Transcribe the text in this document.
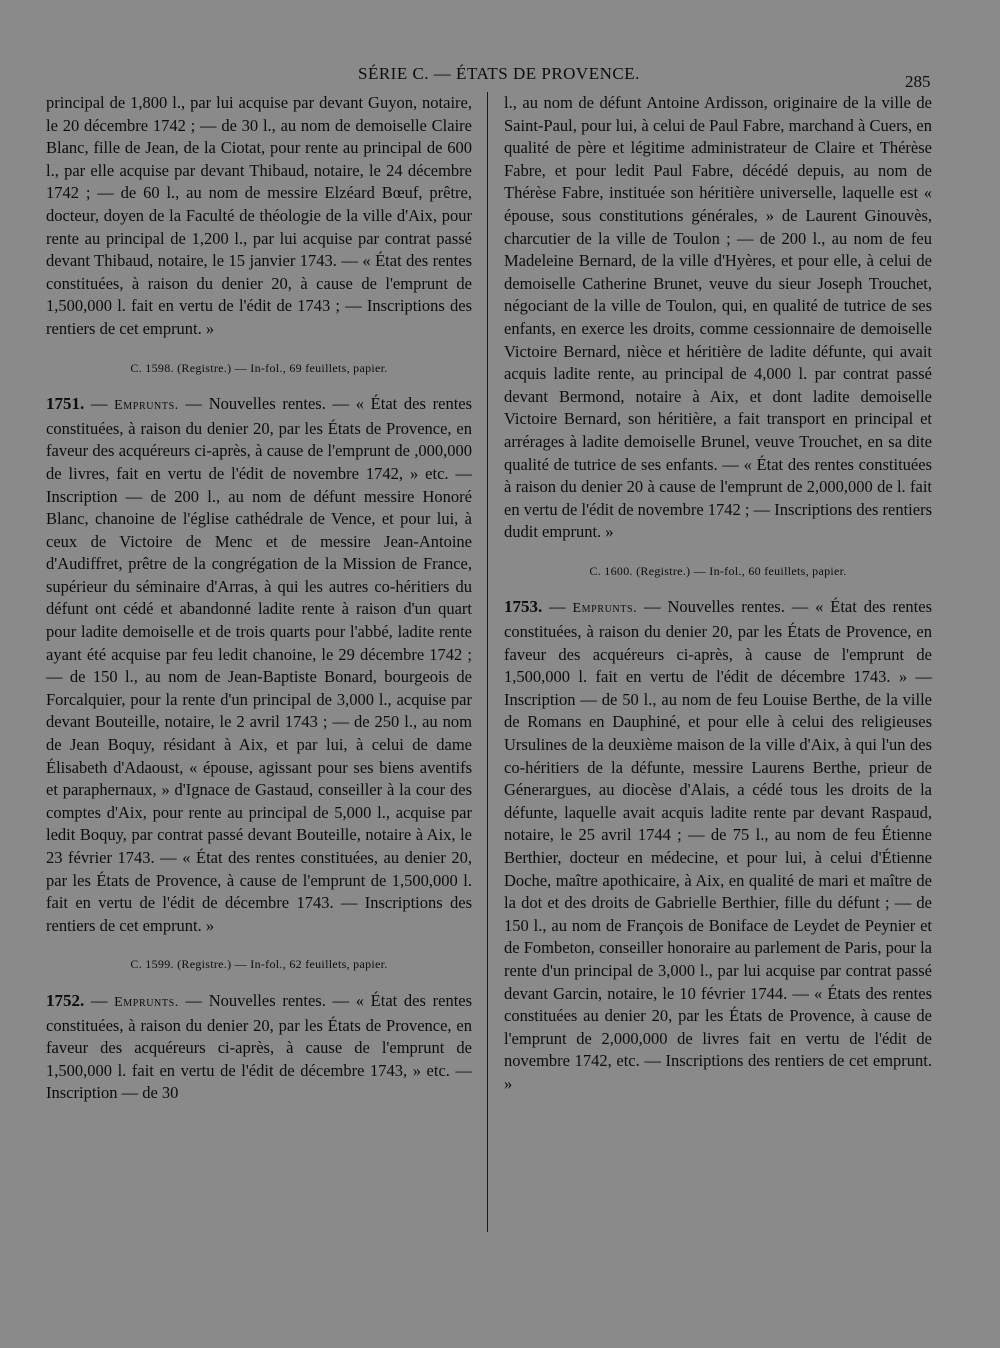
SÉRIE C. — ÉTATS DE PROVENCE.	285

principal de 1,800 l., par lui acquise par devant Guyon, notaire, le 20 décembre 1742 ; — de 30 l., au nom de demoiselle Claire Blanc, fille de Jean, de la Ciotat, pour rente au principal de 600 l., par elle acquise par devant Thibaud, notaire, le 24 décembre 1742 ; — de 60 l., au nom de messire Elzéard Bœuf, prêtre, docteur, doyen de la Faculté de théologie de la ville d'Aix, pour rente au principal de 1,200 l., par lui acquise par contrat passé devant Thibaud, notaire, le 15 janvier 1743. — « État des rentes constituées, à raison du denier 20, à cause de l'emprunt de 1,500,000 l. fait en vertu de l'édit de 1743 ; — Inscriptions des rentiers de cet emprunt. »

C. 1598. (Registre.) — In-fol., 69 feuillets, papier.

1751. — Emprunts. — Nouvelles rentes. — « État des rentes constituées, à raison du denier 20, par les États de Provence, en faveur des acquéreurs ci-après, à cause de l'emprunt de ,000,000 de livres, fait en vertu de l'édit de novembre 1742, » etc. — Inscription — de 200 l., au nom de défunt messire Honoré Blanc, chanoine de l'église cathédrale de Vence, et pour lui, à ceux de Victoire de Menc et de messire Jean-Antoine d'Audiffret, prêtre de la congrégation de la Mission de France, supérieur du séminaire d'Arras, à qui les autres co-héritiers du défunt ont cédé et abandonné ladite rente à raison d'un quart pour ladite demoiselle et de trois quarts pour l'abbé, ladite rente ayant été acquise par feu ledit chanoine, le 29 décembre 1742 ; — de 150 l., au nom de Jean-Baptiste Bonard, bourgeois de Forcalquier, pour la rente d'un principal de 3,000 l., acquise par devant Bouteille, notaire, le 2 avril 1743 ; — de 250 l., au nom de Jean Boquy, résidant à Aix, et par lui, à celui de dame Élisabeth d'Adaoust, « épouse, agissant pour ses biens aventifs et paraphernaux, » d'Ignace de Gastaud, conseiller à la cour des comptes d'Aix, pour rente au principal de 5,000 l., acquise par ledit Boquy, par contrat passé devant Bouteille, notaire à Aix, le 23 février 1743. — « État des rentes constituées, au denier 20, par les États de Provence, à cause de l'emprunt de 1,500,000 l. fait en vertu de l'édit de décembre 1743. — Inscriptions des rentiers de cet emprunt. »

C. 1599. (Registre.) — In-fol., 62 feuillets, papier.

1752. — Emprunts. — Nouvelles rentes. — « État des rentes constituées, à raison du denier 20, par les États de Provence, en faveur des acquéreurs ci-après, à cause de l'emprunt de 1,500,000 l. fait en vertu de l'édit de décembre 1743, » etc. — Inscription — de 30

l., au nom de défunt Antoine Ardisson, originaire de la ville de Saint-Paul, pour lui, à celui de Paul Fabre, marchand à Cuers, en qualité de père et légitime administrateur de Claire et Thérèse Fabre, et pour ledit Paul Fabre, décédé depuis, au nom de Thérèse Fabre, instituée son héritière universelle, laquelle est « épouse, sous constitutions générales, » de Laurent Ginouvès, charcutier de la ville de Toulon ; — de 200 l., au nom de feu Madeleine Bernard, de la ville d'Hyères, et pour elle, à celui de demoiselle Catherine Brunet, veuve du sieur Joseph Trouchet, négociant de la ville de Toulon, qui, en qualité de tutrice de ses enfants, en exerce les droits, comme cessionnaire de demoiselle Victoire Bernard, nièce et héritière de ladite défunte, qui avait acquis ladite rente, au principal de 4,000 l. par contrat passé devant Bermond, notaire à Aix, et dont ladite demoiselle Victoire Bernard, son héritière, a fait transport en principal et arrérages à ladite demoiselle Brunel, veuve Trouchet, en sa dite qualité de tutrice de ses enfants. — « État des rentes constituées à raison du denier 20 à cause de l'emprunt de 2,000,000 de l. fait en vertu de l'édit de novembre 1742 ; — Inscriptions des rentiers dudit emprunt. »

C. 1600. (Registre.) — In-fol., 60 feuillets, papier.

1753. — Emprunts. — Nouvelles rentes. — « État des rentes constituées, à raison du denier 20, par les États de Provence, en faveur des acquéreurs ci-après, à cause de l'emprunt de 1,500,000 l. fait en vertu de l'édit de décembre 1743. » — Inscription — de 50 l., au nom de feu Louise Berthe, de la ville de Romans en Dauphiné, et pour elle à celui des religieuses Ursulines de la deuxième maison de la ville d'Aix, à qui l'un des co-héritiers de la défunte, messire Laurens Berthe, prieur de Génerargues, au diocèse d'Alais, a cédé tous les droits de la défunte, laquelle avait acquis ladite rente par devant Raspaud, notaire, le 25 avril 1744 ; — de 75 l., au nom de feu Étienne Berthier, docteur en médecine, et pour lui, à celui d'Étienne Doche, maître apothicaire, à Aix, en qualité de mari et maître de la dot et des droits de Gabrielle Berthier, fille du défunt ; — de 150 l., au nom de François de Boniface de Leydet de Peynier et de Fombeton, conseiller honoraire au parlement de Paris, pour la rente d'un principal de 3,000 l., par lui acquise par contrat passé devant Garcin, notaire, le 10 février 1744. — « États des rentes constituées au denier 20, par les États de Provence, à cause de l'emprunt de 2,000,000 de livres fait en vertu de l'édit de novembre 1742, etc. — Inscriptions des rentiers de cet emprunt. »
